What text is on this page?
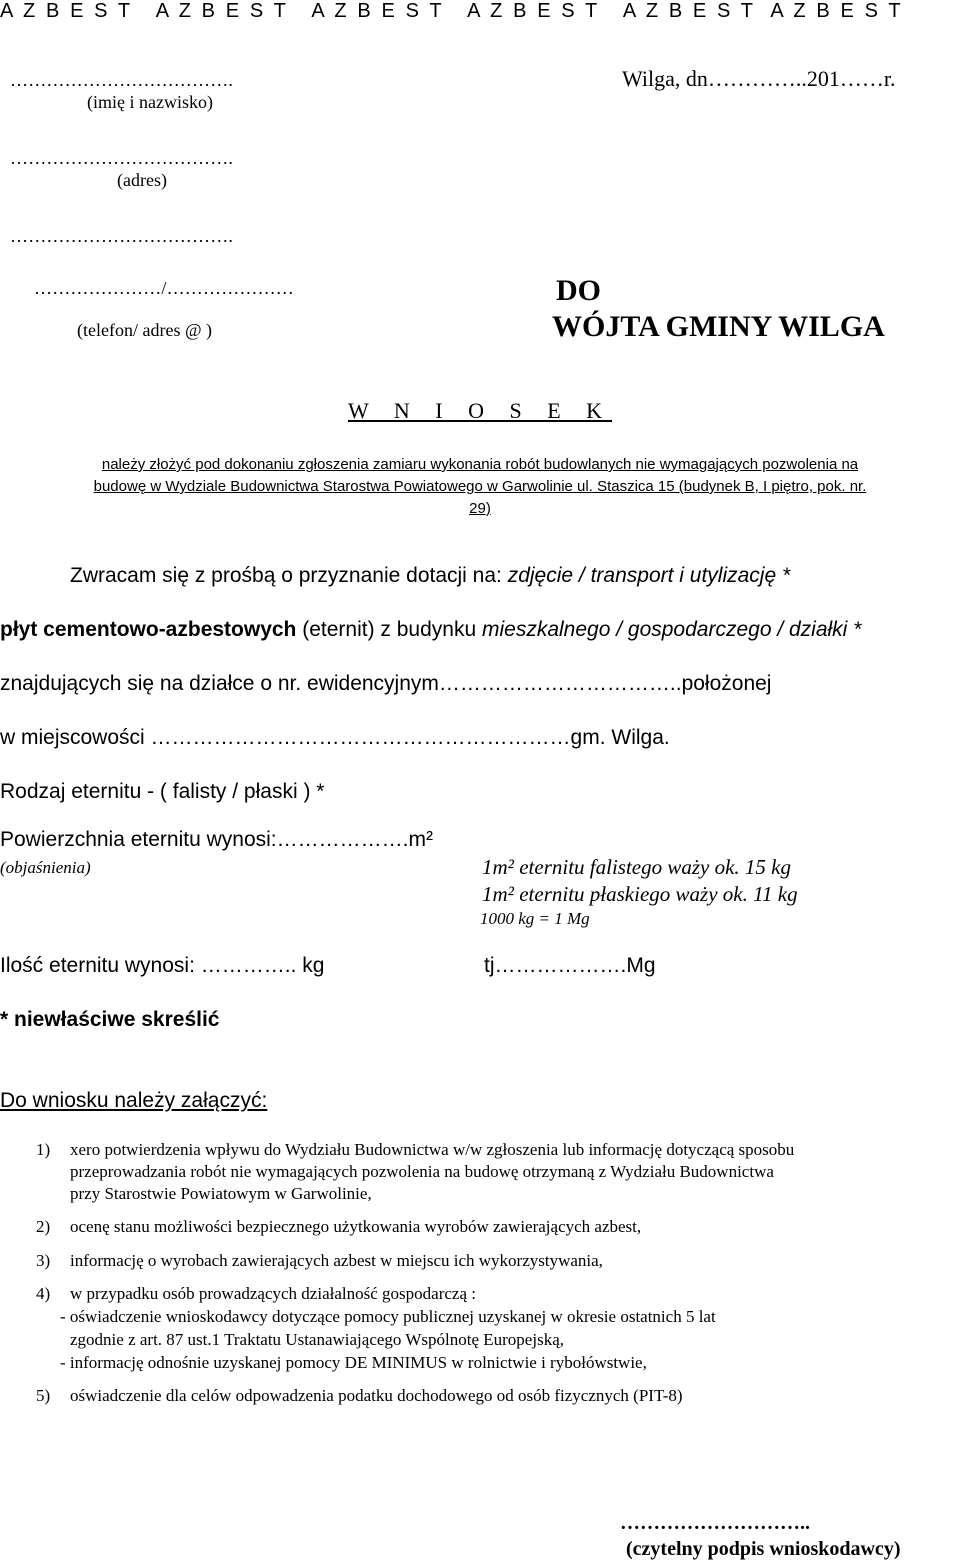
A Z B E S T   A Z B E S T   A Z B E S T   A Z B E S T   A Z B E S T  A Z B E S T
……………………………….
(imię i nazwisko)
……………………………….
(adres)
……………………………….
…………………/…………………
(telefon/ adres @ )
Wilga, dn…………..201……r.
DO
WÓJTA GMINY WILGA
W N I O S E K
należy złożyć pod dokonaniu zgłoszenia zamiaru wykonania robót budowlanych nie wymagających pozwolenia na
budowę w Wydziale Budownictwa Starostwa Powiatowego w Garwolinie ul. Staszica 15 (budynek B, I piętro, pok. nr.
29)
Zwracam się z prośbą o przyznanie dotacji na: zdjęcie / transport i utylizację *
płyt cementowo-azbestowych (eternit) z budynku mieszkalnego / gospodarczego / działki *
znajdujących się na działce o nr. ewidencyjnym……………………………..położonej
w miejscowości ……………………………………………………gm. Wilga.
Rodzaj eternitu - ( falisty / płaski ) *
Powierzchnia eternitu wynosi:……………….m²
(objaśnienia)	1m² eternitu falistego waży ok. 15 kg
1m² eternitu płaskiego waży ok. 11 kg
1000 kg = 1 Mg
Ilość eternitu wynosi: ………….. kg	tj……………….Mg
* niewłaściwe skreślić
Do wniosku należy załączyć:
1) xero potwierdzenia wpływu do Wydziału Budownictwa w/w zgłoszenia lub informację dotyczącą sposobu
przeprowadzania robót nie wymagających pozwolenia na budowę otrzymaną z Wydziału Budownictwa
przy Starostwie Powiatowym w Garwolinie,
2) ocenę stanu możliwości bezpiecznego użytkowania wyrobów zawierających azbest,
3) informację o wyrobach zawierających azbest w miejscu ich wykorzystywania,
4) w przypadku osób prowadzących działalność gospodarczą :
- oświadczenie wnioskodawcy dotyczące pomocy publicznej uzyskanej w okresie ostatnich 5 lat
zgodnie z art. 87 ust.1 Traktatu Ustanawiającego Wspólnotę Europejską,
- informację odnośnie uzyskanej pomocy DE MINIMUS w rolnictwie i rybołówstwie,
5) oświadczenie dla celów odpowadzenia podatku dochodowego od osób fizycznych (PIT-8)
………………………..
(czytelny podpis wnioskodawcy)
